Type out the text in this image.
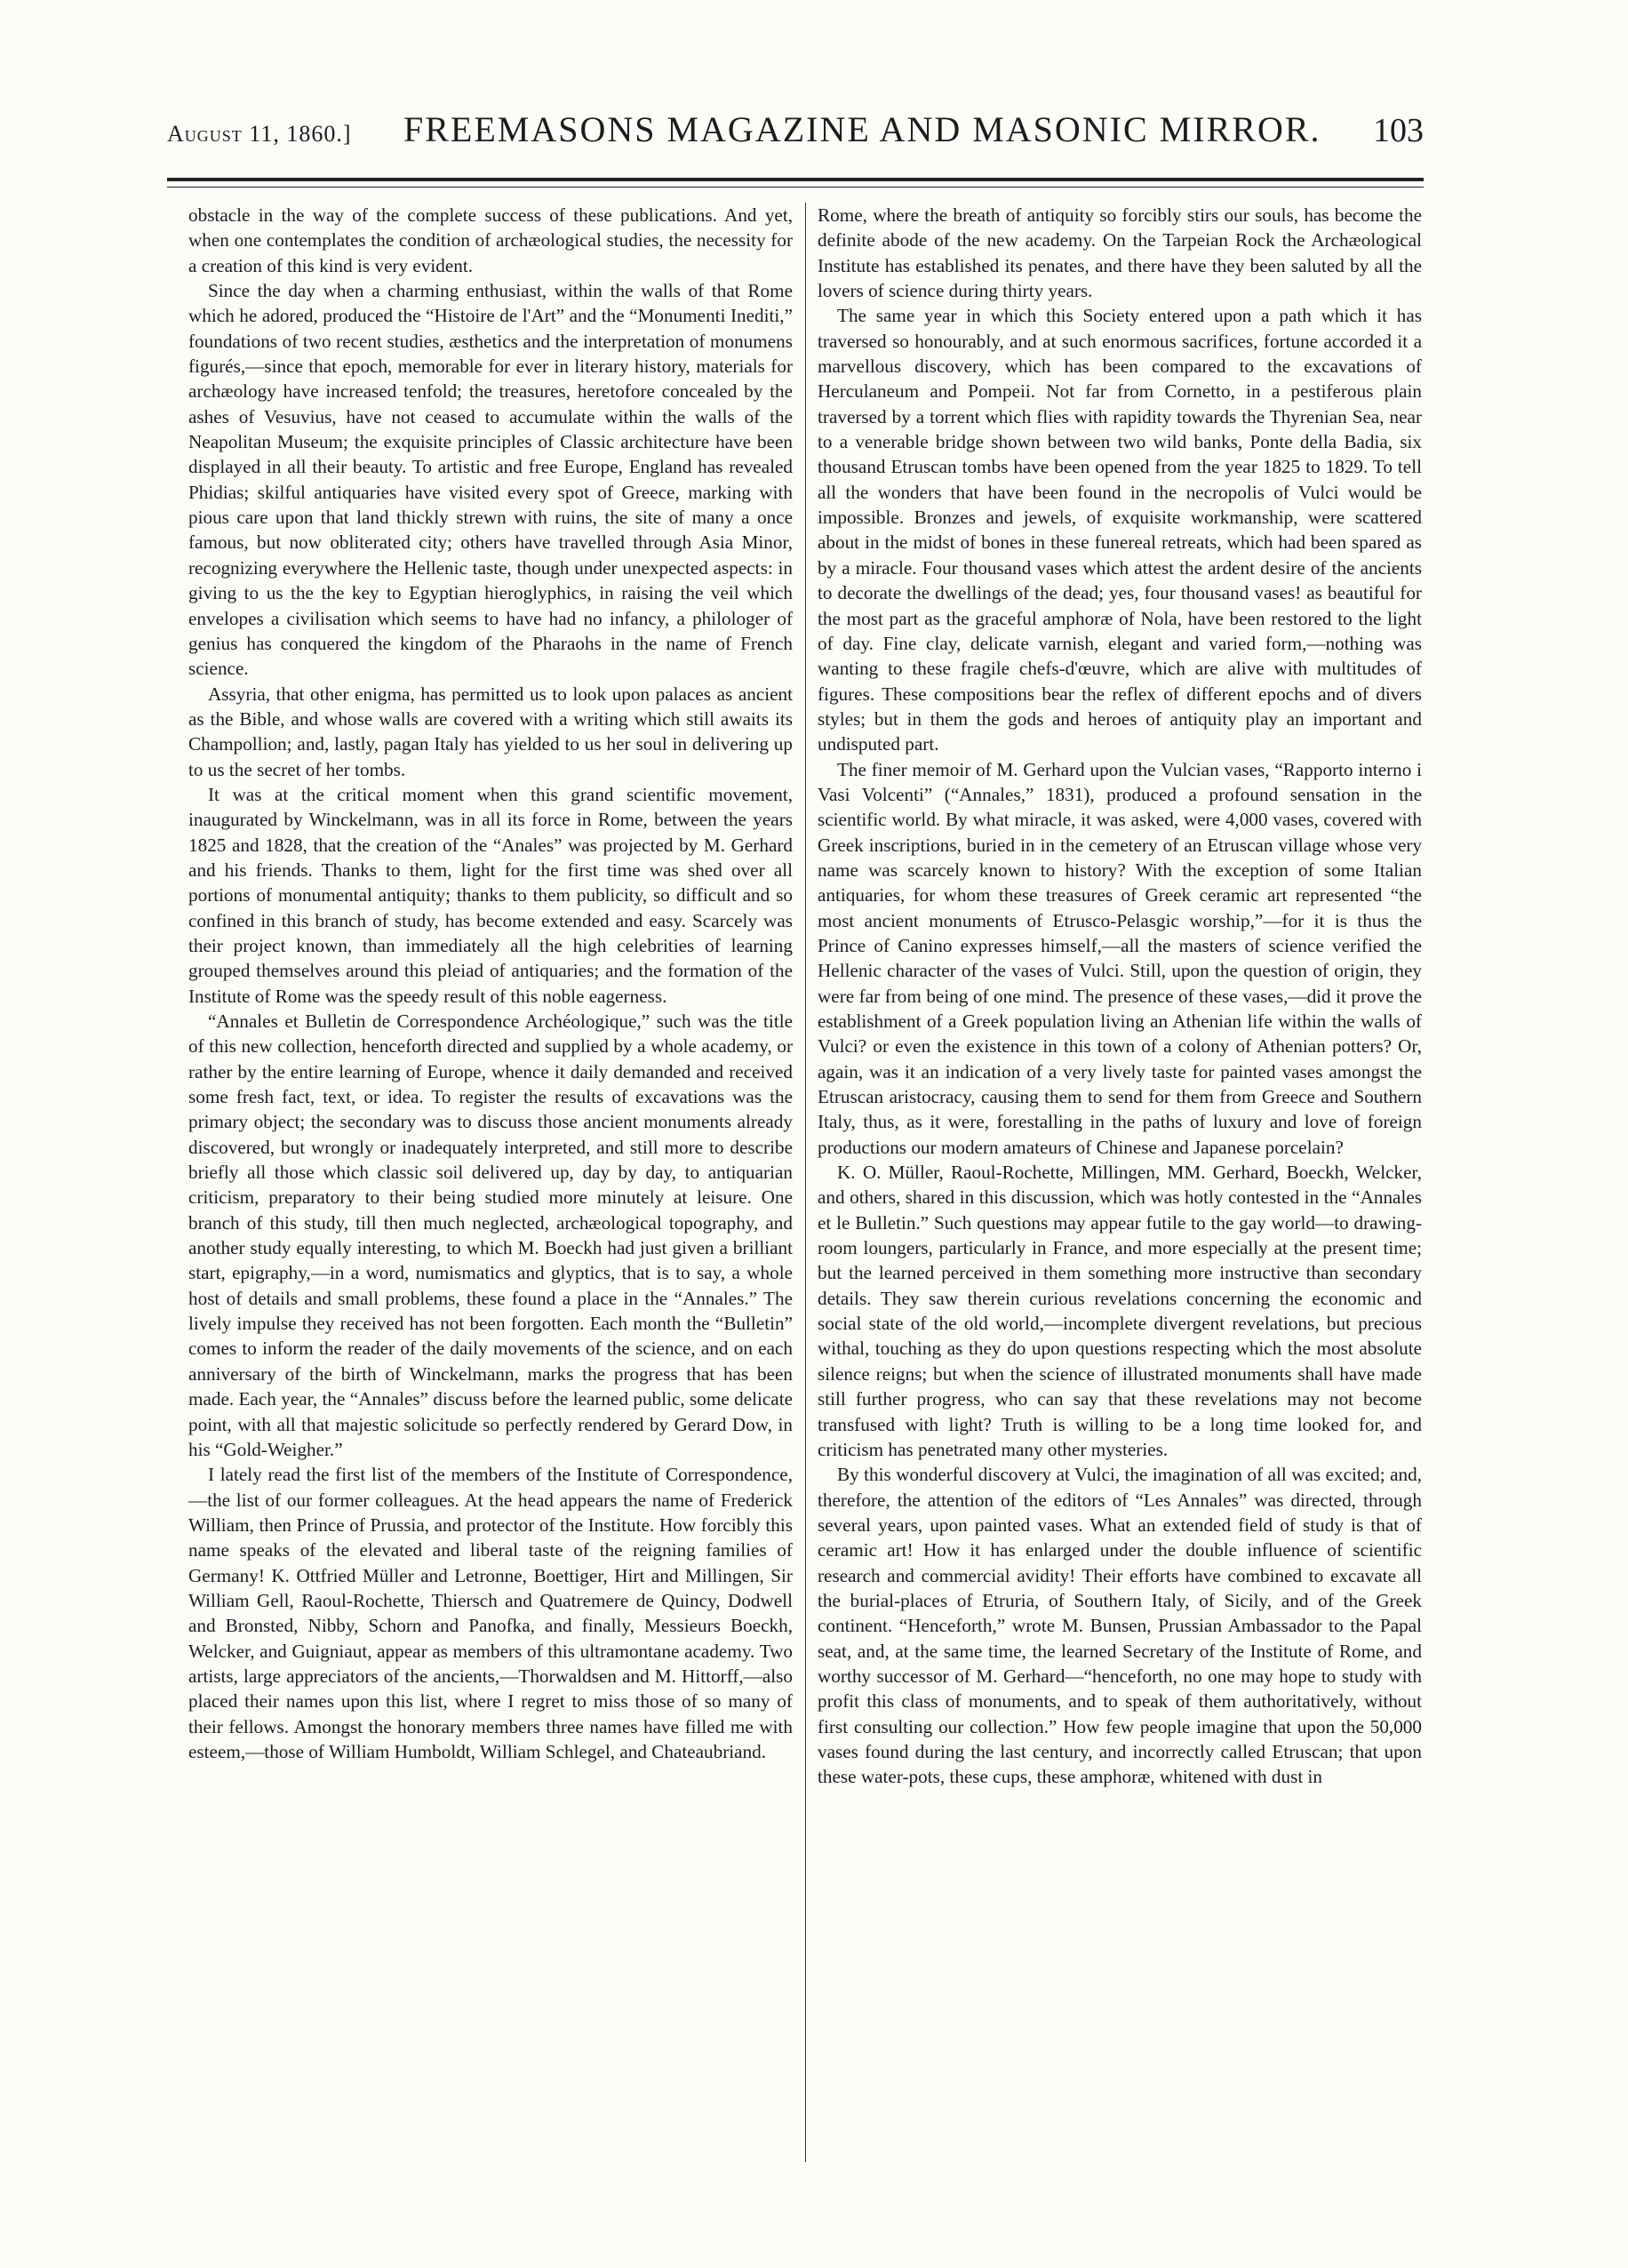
August 11, 1860.] FREEMASONS MAGAZINE AND MASONIC MIRROR. 103

obstacle in the way of the complete success of these publications. And yet, when one contemplates the condition of archæological studies, the necessity for a creation of this kind is very evident.

Since the day when a charming enthusiast, within the walls of that Rome which he adored, produced the “Histoire de l'Art” and the “Monumenti Inediti,” foundations of two recent studies, æsthetics and the interpretation of monumens figurés,—since that epoch, memorable for ever in literary history, materials for archæology have increased tenfold; the treasures, heretofore concealed by the ashes of Vesuvius, have not ceased to accumulate within the walls of the Neapolitan Museum; the exquisite principles of Classic architecture have been displayed in all their beauty. To artistic and free Europe, England has revealed Phidias; skilful antiquaries have visited every spot of Greece, marking with pious care upon that land thickly strewn with ruins, the site of many a once famous, but now obliterated city; others have travelled through Asia Minor, recognizing everywhere the Hellenic taste, though under unexpected aspects: in giving to us the the key to Egyptian hieroglyphics, in raising the veil which envelopes a civilisation which seems to have had no infancy, a philologer of genius has conquered the kingdom of the Pharaohs in the name of French science.

Assyria, that other enigma, has permitted us to look upon palaces as ancient as the Bible, and whose walls are covered with a writing which still awaits its Champollion; and, lastly, pagan Italy has yielded to us her soul in delivering up to us the secret of her tombs.

It was at the critical moment when this grand scientific movement, inaugurated by Winckelmann, was in all its force in Rome, between the years 1825 and 1828, that the creation of the “Anales” was projected by M. Gerhard and his friends. Thanks to them, light for the first time was shed over all portions of monumental antiquity; thanks to them publicity, so difficult and so confined in this branch of study, has become extended and easy. Scarcely was their project known, than immediately all the high celebrities of learning grouped themselves around this pleiad of antiquaries; and the formation of the Institute of Rome was the speedy result of this noble eagerness.

“Annales et Bulletin de Correspondence Archéologique,” such was the title of this new collection, henceforth directed and supplied by a whole academy, or rather by the entire learning of Europe, whence it daily demanded and received some fresh fact, text, or idea. To register the results of excavations was the primary object; the secondary was to discuss those ancient monuments already discovered, but wrongly or inadequately interpreted, and still more to describe briefly all those which classic soil delivered up, day by day, to antiquarian criticism, preparatory to their being studied more minutely at leisure. One branch of this study, till then much neglected, archæological topography, and another study equally interesting, to which M. Boeckh had just given a brilliant start, epigraphy,—in a word, numismatics and glyptics, that is to say, a whole host of details and small problems, these found a place in the “Annales.” The lively impulse they received has not been forgotten. Each month the “Bulletin” comes to inform the reader of the daily movements of the science, and on each anniversary of the birth of Winckelmann, marks the progress that has been made. Each year, the “Annales” discuss before the learned public, some delicate point, with all that majestic solicitude so perfectly rendered by Gerard Dow, in his “Gold-Weigher.”

I lately read the first list of the members of the Institute of Correspondence,—the list of our former colleagues. At the head appears the name of Frederick William, then Prince of Prussia, and protector of the Institute. How forcibly this name speaks of the elevated and liberal taste of the reigning families of Germany! K. Ottfried Müller and Letronne, Boettiger, Hirt and Millingen, Sir William Gell, Raoul-Rochette, Thiersch and Quatremere de Quincy, Dodwell and Bronsted, Nibby, Schorn and Panofka, and finally, Messieurs Boeckh, Welcker, and Guigniaut, appear as members of this ultramontane academy. Two artists, large appreciators of the ancients,—Thorwaldsen and M. Hittorff,—also placed their names upon this list, where I regret to miss those of so many of their fellows. Amongst the honorary members three names have filled me with esteem,—those of William Humboldt, William Schlegel, and Chateaubriand.

Rome, where the breath of antiquity so forcibly stirs our souls, has become the definite abode of the new academy. On the Tarpeian Rock the Archæological Institute has established its penates, and there have they been saluted by all the lovers of science during thirty years.

The same year in which this Society entered upon a path which it has traversed so honourably, and at such enormous sacrifices, fortune accorded it a marvellous discovery, which has been compared to the excavations of Herculaneum and Pompeii. Not far from Cornetto, in a pestiferous plain traversed by a torrent which flies with rapidity towards the Thyrenian Sea, near to a venerable bridge shown between two wild banks, Ponte della Badia, six thousand Etruscan tombs have been opened from the year 1825 to 1829. To tell all the wonders that have been found in the necropolis of Vulci would be impossible. Bronzes and jewels, of exquisite workmanship, were scattered about in the midst of bones in these funereal retreats, which had been spared as by a miracle. Four thousand vases which attest the ardent desire of the ancients to decorate the dwellings of the dead; yes, four thousand vases! as beautiful for the most part as the graceful amphoræ of Nola, have been restored to the light of day. Fine clay, delicate varnish, elegant and varied form,—nothing was wanting to these fragile chefs-d'œuvre, which are alive with multitudes of figures. These compositions bear the reflex of different epochs and of divers styles; but in them the gods and heroes of antiquity play an important and undisputed part.

The finer memoir of M. Gerhard upon the Vulcian vases, “Rapporto interno i Vasi Volcenti” (“Annales,” 1831), produced a profound sensation in the scientific world. By what miracle, it was asked, were 4,000 vases, covered with Greek inscriptions, buried in in the cemetery of an Etruscan village whose very name was scarcely known to history? With the exception of some Italian antiquaries, for whom these treasures of Greek ceramic art represented “the most ancient monuments of Etrusco-Pelasgic worship,”—for it is thus the Prince of Canino expresses himself,—all the masters of science verified the Hellenic character of the vases of Vulci. Still, upon the question of origin, they were far from being of one mind. The presence of these vases,—did it prove the establishment of a Greek population living an Athenian life within the walls of Vulci? or even the existence in this town of a colony of Athenian potters? Or, again, was it an indication of a very lively taste for painted vases amongst the Etruscan aristocracy, causing them to send for them from Greece and Southern Italy, thus, as it were, forestalling in the paths of luxury and love of foreign productions our modern amateurs of Chinese and Japanese porcelain?

K. O. Müller, Raoul-Rochette, Millingen, MM. Gerhard, Boeckh, Welcker, and others, shared in this discussion, which was hotly contested in the “Annales et le Bulletin.” Such questions may appear futile to the gay world—to drawing-room loungers, particularly in France, and more especially at the present time; but the learned perceived in them something more instructive than secondary details. They saw therein curious revelations concerning the economic and social state of the old world,—incomplete divergent revelations, but precious withal, touching as they do upon questions respecting which the most absolute silence reigns; but when the science of illustrated monuments shall have made still further progress, who can say that these revelations may not become transfused with light? Truth is willing to be a long time looked for, and criticism has penetrated many other mysteries.

By this wonderful discovery at Vulci, the imagination of all was excited; and, therefore, the attention of the editors of “Les Annales” was directed, through several years, upon painted vases. What an extended field of study is that of ceramic art! How it has enlarged under the double influence of scientific research and commercial avidity! Their efforts have combined to excavate all the burial-places of Etruria, of Southern Italy, of Sicily, and of the Greek continent. “Henceforth,” wrote M. Bunsen, Prussian Ambassador to the Papal seat, and, at the same time, the learned Secretary of the Institute of Rome, and worthy successor of M. Gerhard—“henceforth, no one may hope to study with profit this class of monuments, and to speak of them authoritatively, without first consulting our collection.” How few people imagine that upon the 50,000 vases found during the last century, and incorrectly called Etruscan; that upon these water-pots, these cups, these amphoræ, whitened with dust in
